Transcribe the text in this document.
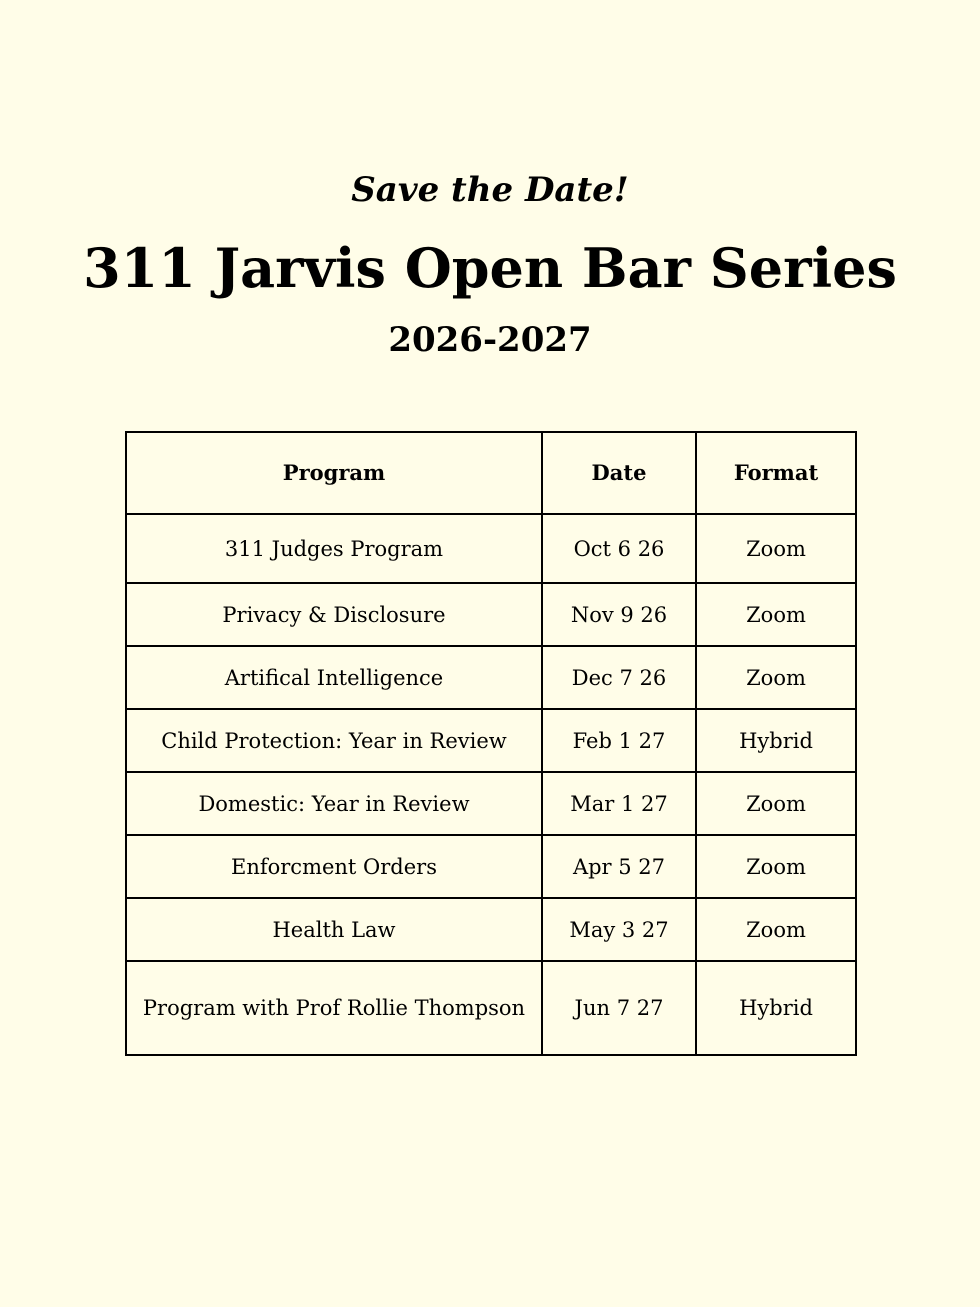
Save the Date!
311 Jarvis Open Bar Series
2026-2027
Program	Date	Format
311 Judges Program	Oct 6 26	Zoom
Privacy & Disclosure	Nov 9 26	Zoom
Artifical Intelligence	Dec 7 26	Zoom
Child Protection: Year in Review	Feb 1 27	Hybrid
Domestic: Year in Review	Mar 1 27	Zoom
Enforcment Orders	Apr 5 27	Zoom
Health Law	May 3 27	Zoom
Program with Prof Rollie Thompson	Jun 7 27	Hybrid
